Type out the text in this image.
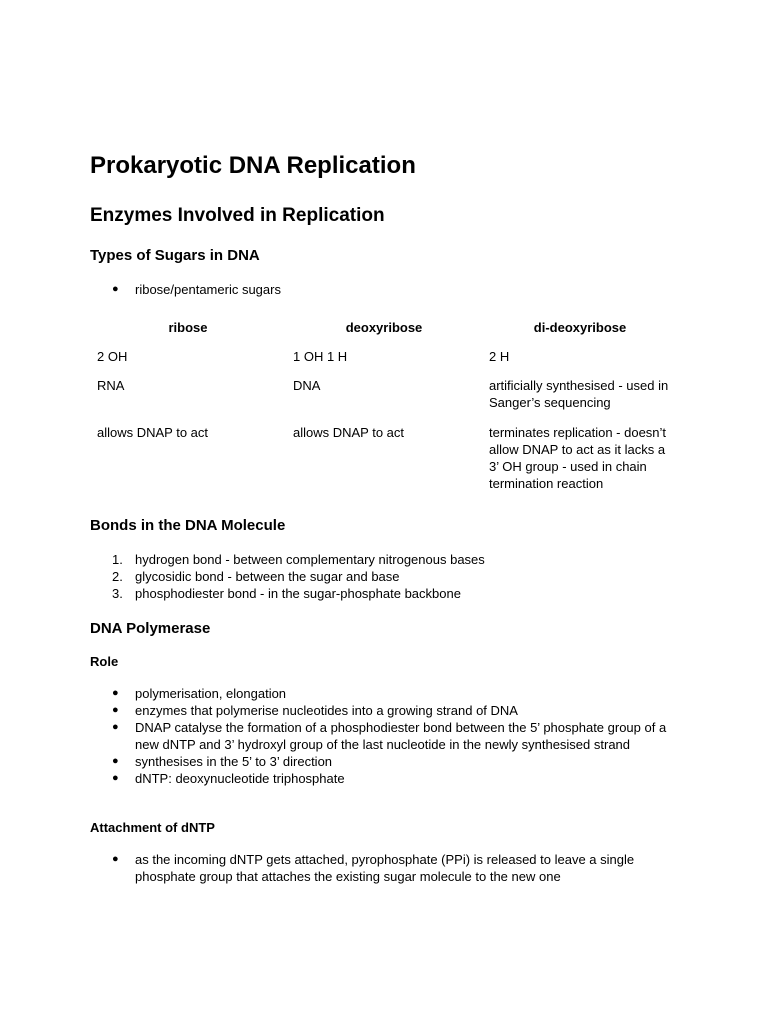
Prokaryotic DNA Replication
Enzymes Involved in Replication
Types of Sugars in DNA
● ribose/pentameric sugars
ribose	deoxyribose	di-deoxyribose
2 OH	1 OH 1 H	2 H
RNA	DNA	artificially synthesised - used in Sanger’s sequencing
allows DNAP to act	allows DNAP to act	terminates replication - doesn’t allow DNAP to act as it lacks a 3’ OH group - used in chain termination reaction
Bonds in the DNA Molecule
1. hydrogen bond - between complementary nitrogenous bases
2. glycosidic bond - between the sugar and base
3. phosphodiester bond - in the sugar-phosphate backbone
DNA Polymerase
Role
● polymerisation, elongation
● enzymes that polymerise nucleotides into a growing strand of DNA
● DNAP catalyse the formation of a phosphodiester bond between the 5’ phosphate group of a new dNTP and 3’ hydroxyl group of the last nucleotide in the newly synthesised strand
● synthesises in the 5’ to 3’ direction
● dNTP: deoxynucleotide triphosphate
Attachment of dNTP
● as the incoming dNTP gets attached, pyrophosphate (PPi) is released to leave a single phosphate group that attaches the existing sugar molecule to the new one
